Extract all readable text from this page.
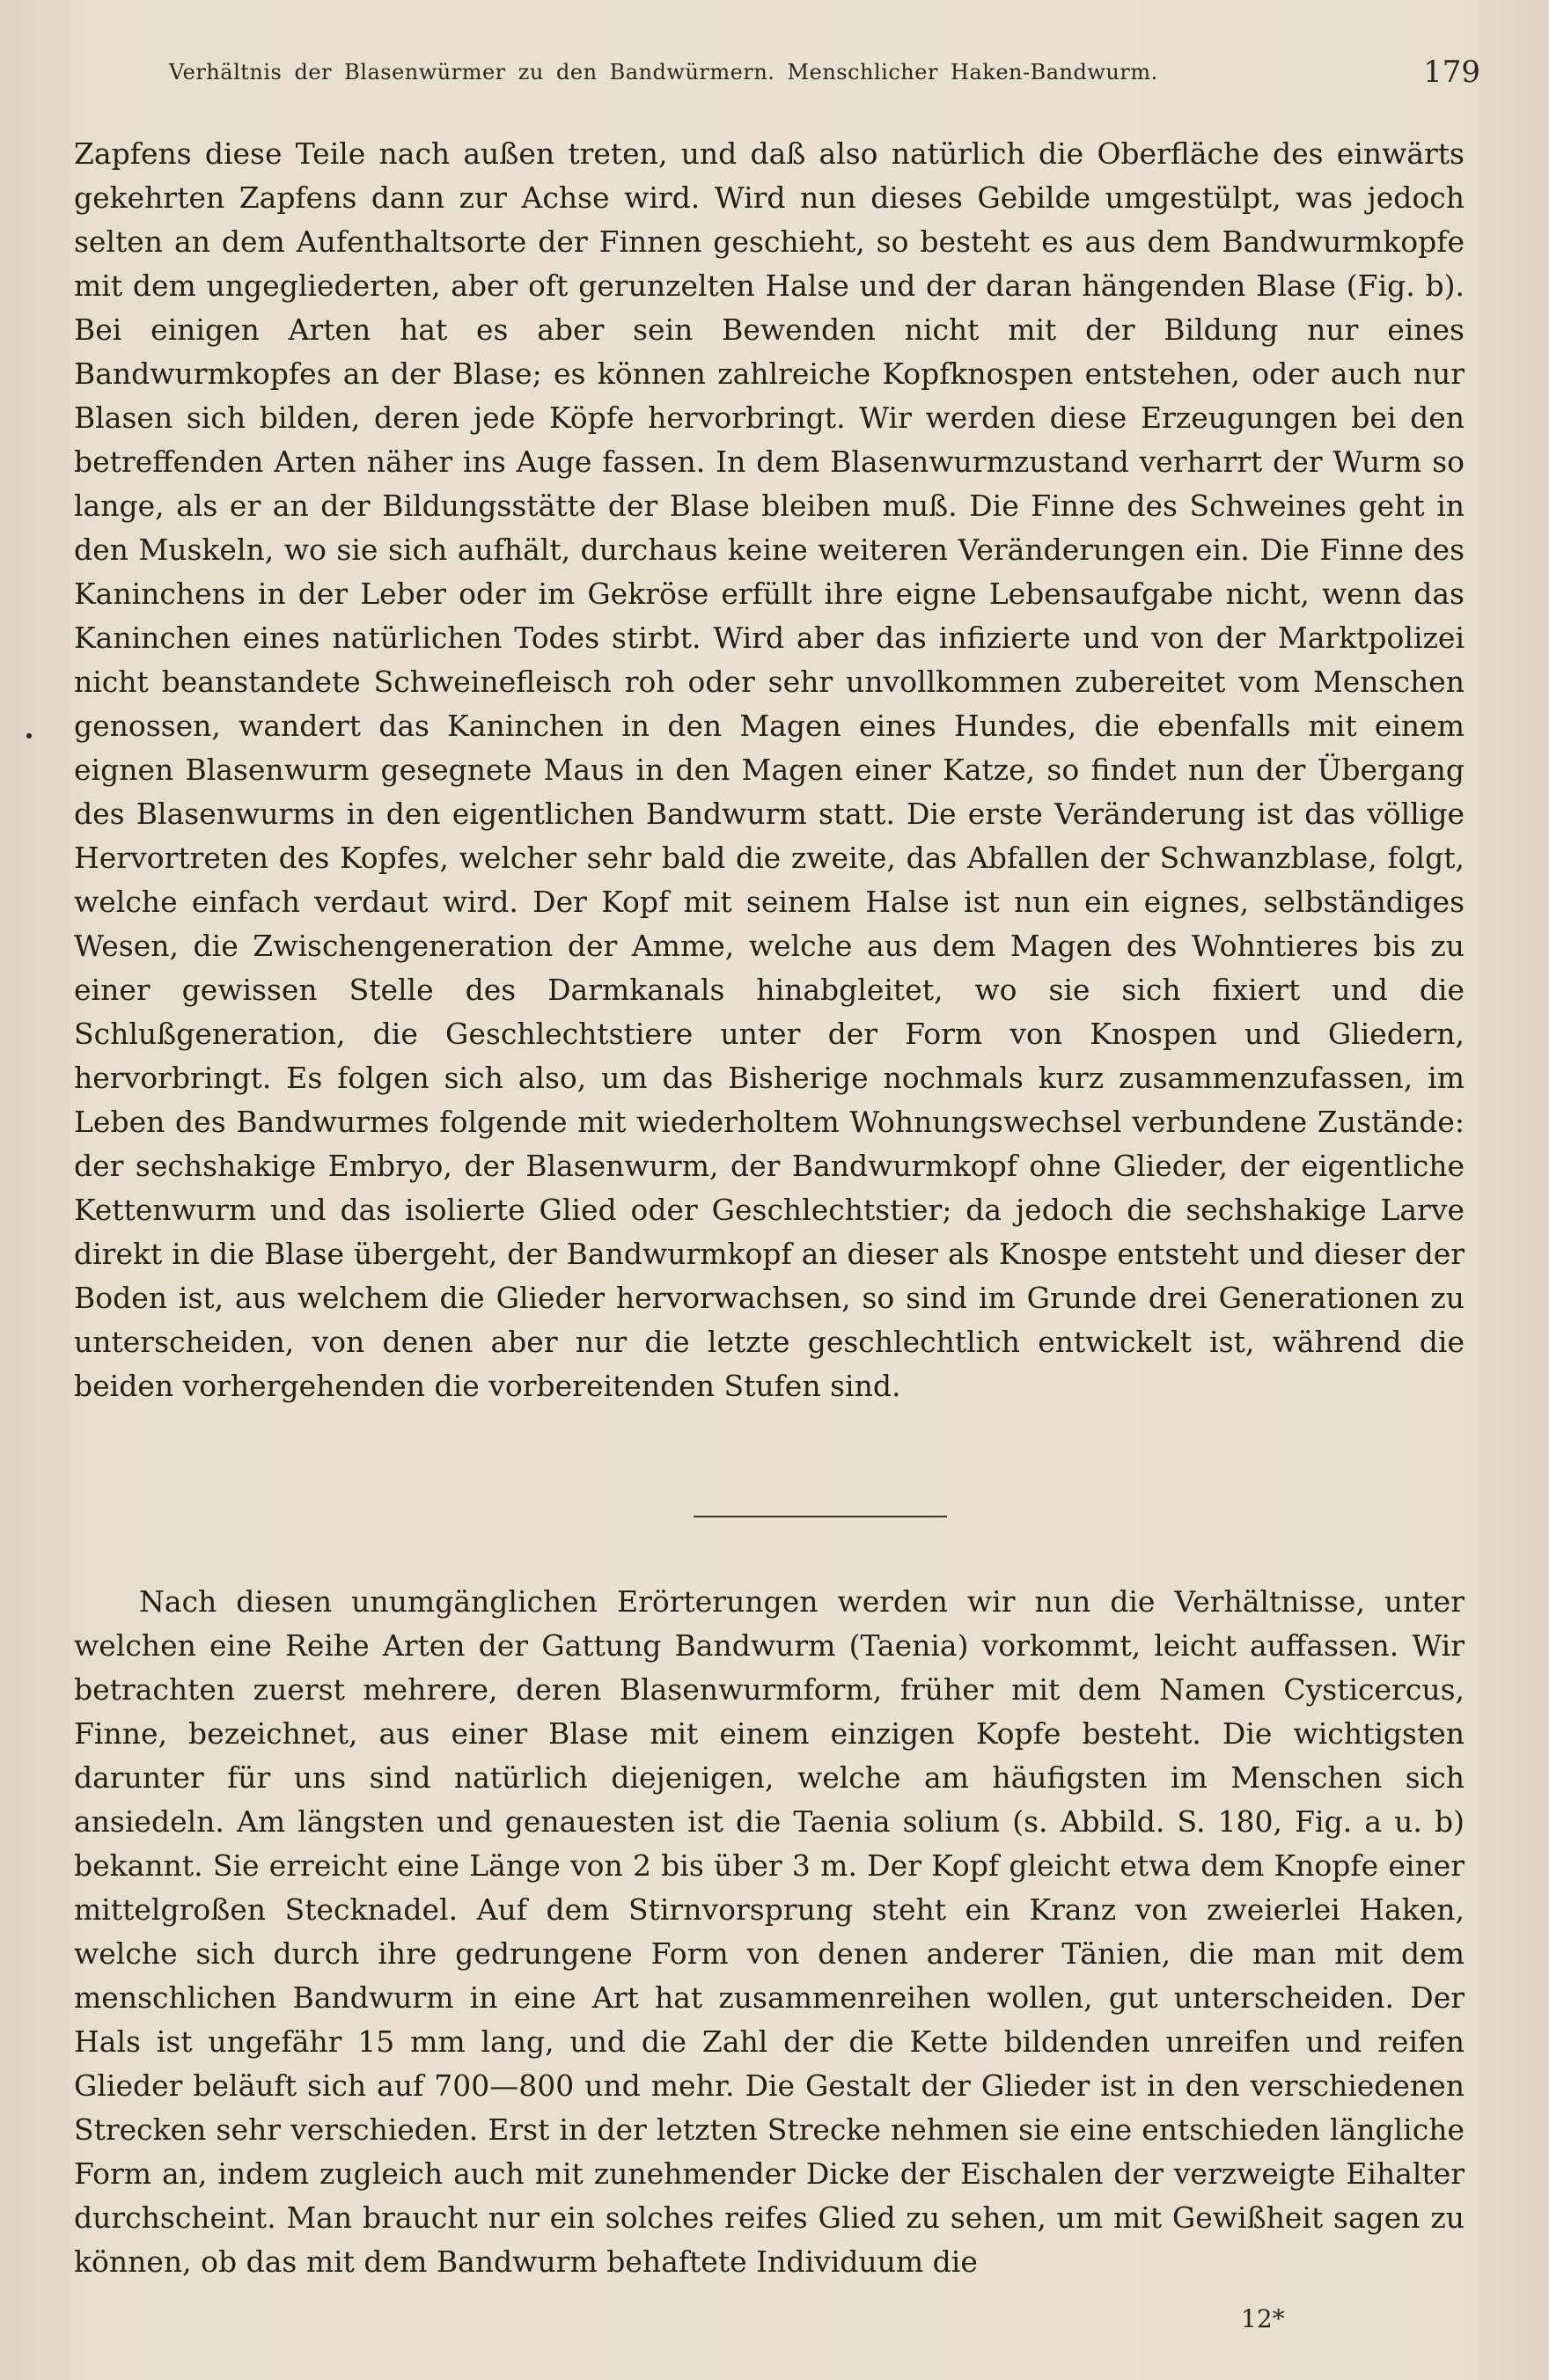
Verhältnis der Blasenwürmer zu den Bandwürmern. Menschlicher Haken-Bandwurm.	179
Zapfens diese Teile nach außen treten, und daß also natürlich die Oberfläche des einwärts gekehrten Zapfens dann zur Achse wird. Wird nun dieses Gebilde umgestülpt, was jedoch selten an dem Aufenthaltsorte der Finnen geschieht, so besteht es aus dem Bandwurmkopfe mit dem ungegliederten, aber oft gerunzelten Halse und der daran hängenden Blase (Fig. b). Bei einigen Arten hat es aber sein Bewenden nicht mit der Bildung nur eines Bandwurmkopfes an der Blase; es können zahlreiche Kopfknospen entstehen, oder auch nur Blasen sich bilden, deren jede Köpfe hervorbringt. Wir werden diese Erzeugungen bei den betreffenden Arten näher ins Auge fassen. In dem Blasenwurmzustand verharrt der Wurm so lange, als er an der Bildungsstätte der Blase bleiben muß. Die Finne des Schweines geht in den Muskeln, wo sie sich aufhält, durchaus keine weiteren Veränderungen ein. Die Finne des Kaninchens in der Leber oder im Gekröse erfüllt ihre eigne Lebensaufgabe nicht, wenn das Kaninchen eines natürlichen Todes stirbt. Wird aber das infizierte und von der Marktpolizei nicht beanstandete Schweinefleisch roh oder sehr unvollkommen zubereitet vom Menschen genossen, wandert das Kaninchen in den Magen eines Hundes, die ebenfalls mit einem eignen Blasenwurm gesegnete Maus in den Magen einer Katze, so findet nun der Übergang des Blasenwurms in den eigentlichen Bandwurm statt. Die erste Veränderung ist das völlige Hervortreten des Kopfes, welcher sehr bald die zweite, das Abfallen der Schwanzblase, folgt, welche einfach verdaut wird. Der Kopf mit seinem Halse ist nun ein eignes, selbständiges Wesen, die Zwischengeneration der Amme, welche aus dem Magen des Wohntieres bis zu einer gewissen Stelle des Darmkanals hinabgleitet, wo sie sich fixiert und die Schlußgeneration, die Geschlechtstiere unter der Form von Knospen und Gliedern, hervorbringt. Es folgen sich also, um das Bisherige nochmals kurz zusammenzufassen, im Leben des Bandwurmes folgende mit wiederholtem Wohnungswechsel verbundene Zustände: der sechshakige Embryo, der Blasenwurm, der Bandwurmkopf ohne Glieder, der eigentliche Kettenwurm und das isolierte Glied oder Geschlechtstier; da jedoch die sechshakige Larve direkt in die Blase übergeht, der Bandwurmkopf an dieser als Knospe entsteht und dieser der Boden ist, aus welchem die Glieder hervorwachsen, so sind im Grunde drei Generationen zu unterscheiden, von denen aber nur die letzte geschlechtlich entwickelt ist, während die beiden vorhergehenden die vorbereitenden Stufen sind.
Nach diesen unumgänglichen Erörterungen werden wir nun die Verhältnisse, unter welchen eine Reihe Arten der Gattung Bandwurm (Taenia) vorkommt, leicht auffassen. Wir betrachten zuerst mehrere, deren Blasenwurmform, früher mit dem Namen Cysticercus, Finne, bezeichnet, aus einer Blase mit einem einzigen Kopfe besteht. Die wichtigsten darunter für uns sind natürlich diejenigen, welche am häufigsten im Menschen sich ansiedeln. Am längsten und genauesten ist die Taenia solium (s. Abbild. S. 180, Fig. a u. b) bekannt. Sie erreicht eine Länge von 2 bis über 3 m. Der Kopf gleicht etwa dem Knopfe einer mittelgroßen Stecknadel. Auf dem Stirnvorsprung steht ein Kranz von zweierlei Haken, welche sich durch ihre gedrungene Form von denen anderer Tänien, die man mit dem menschlichen Bandwurm in eine Art hat zusammenreihen wollen, gut unterscheiden. Der Hals ist ungefähr 15 mm lang, und die Zahl der die Kette bildenden unreifen und reifen Glieder beläuft sich auf 700—800 und mehr. Die Gestalt der Glieder ist in den verschiedenen Strecken sehr verschieden. Erst in der letzten Strecke nehmen sie eine entschieden längliche Form an, indem zugleich auch mit zunehmender Dicke der Eischalen der verzweigte Eihalter durchscheint. Man braucht nur ein solches reifes Glied zu sehen, um mit Gewißheit sagen zu können, ob das mit dem Bandwurm behaftete Individuum die
12*
